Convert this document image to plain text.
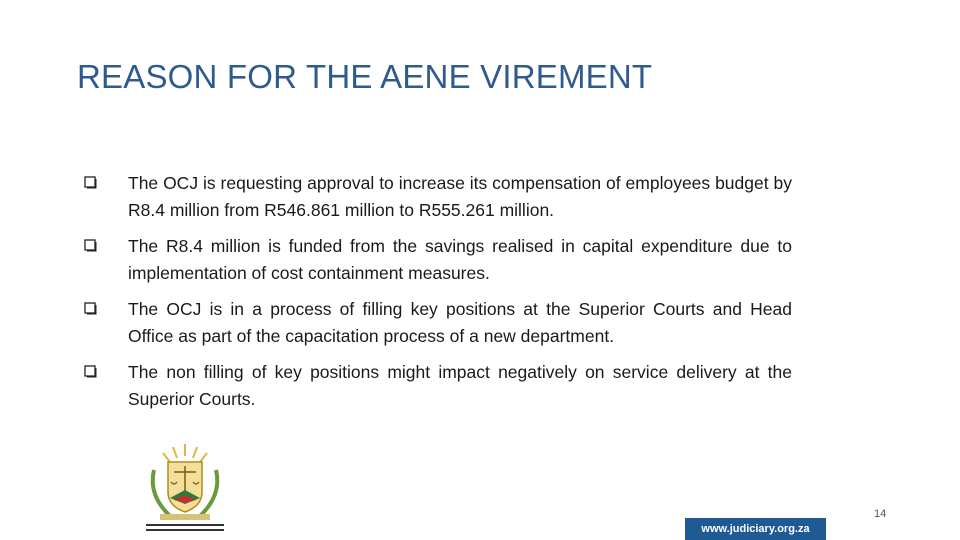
REASON FOR THE AENE VIREMENT
The OCJ is requesting approval to increase its compensation of employees budget by R8.4 million from R546.861 million to R555.261 million.
The R8.4 million is funded from the savings realised in capital expenditure due to implementation of cost containment measures.
The OCJ is in a process of filling key positions at the Superior Courts and Head Office as part of the capacitation process of a new department.
The non filling of key positions might impact negatively on service delivery at the Superior Courts.
14
www.judiciary.org.za
